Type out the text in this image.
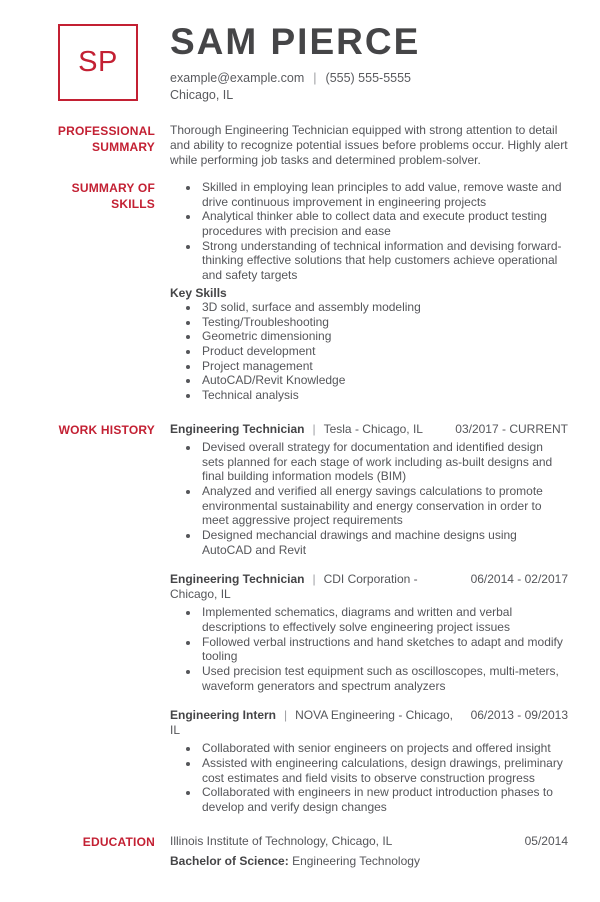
SP SAM PIERCE
example@example.com | (555) 555-5555
Chicago, IL
PROFESSIONAL SUMMARY

Thorough Engineering Technician equipped with strong attention to detail and ability to recognize potential issues before problems occur. Highly alert while performing job tasks and determined problem-solver.

SUMMARY OF SKILLS
• Skilled in employing lean principles to add value, remove waste and drive continuous improvement in engineering projects
• Analytical thinker able to collect data and execute product testing procedures with precision and ease
• Strong understanding of technical information and devising forward-thinking effective solutions that help customers achieve operational and safety targets
Key Skills
• 3D solid, surface and assembly modeling
• Testing/Troubleshooting
• Geometric dimensioning
• Product development
• Project management
• AutoCAD/Revit Knowledge
• Technical analysis
WORK HISTORY Engineering Technician | Tesla - Chicago, IL	03/2017 - CURRENT
• Devised overall strategy for documentation and identified design sets planned for each stage of work including as-built designs and final building information models (BIM)
• Analyzed and verified all energy savings calculations to promote environmental sustainability and energy conservation in order to meet aggressive project requirements
• Designed mechancial drawings and machine designs using AutoCAD and Revit
Engineering Technician | CDI Corporation - Chicago, IL
06/2014 - 02/2017
• Implemented schematics, diagrams and written and verbal descriptions to effectively solve engineering project issues
• Followed verbal instructions and hand sketches to adapt and modify tooling
• Used precision test equipment such as oscilloscopes, multi-meters, waveform generators and spectrum analyzers
Engineering Intern | NOVA Engineering - Chicago, IL
06/2013 - 09/2013
• Collaborated with senior engineers on projects and offered insight
• Assisted with engineering calculations, design drawings, preliminary cost estimates and field visits to observe construction progress
• Collaborated with engineers in new product introduction phases to develop and verify design changes
EDUCATION Illinois Institute of Technology, Chicago, IL	05/2014
Bachelor of Science: Engineering Technology
